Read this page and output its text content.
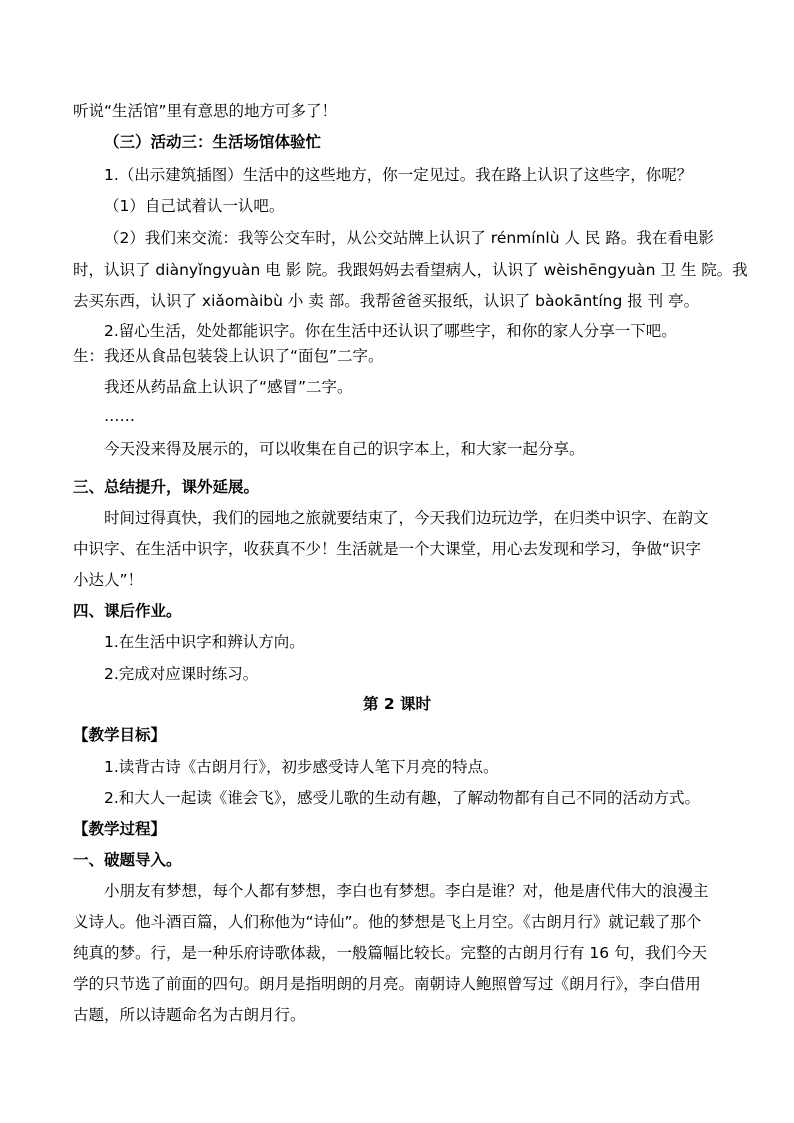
听说“生活馆”里有意思的地方可多了！
（三）活动三：生活场馆体验忙
1.（出示建筑插图）生活中的这些地方，你一定见过。我在路上认识了这些字，你呢？
（1）自己试着认一认吧。
（2）我们来交流：我等公交车时，从公交站牌上认识了 rénmínlù 人 民 路。我在看电影
时，认识了 diànyǐngyuàn 电 影 院。我跟妈妈去看望病人，认识了 wèishēngyuàn 卫 生 院。我
去买东西，认识了 xiǎomàibù 小 卖 部。我帮爸爸买报纸，认识了 bàokāntíng 报 刊 亭。
2.留心生活，处处都能识字。你在生活中还认识了哪些字，和你的家人分享一下吧。
生：我还从食品包装袋上认识了“面包”二字。
我还从药品盒上认识了“感冒”二字。
……
今天没来得及展示的，可以收集在自己的识字本上，和大家一起分享。
三、总结提升，课外延展。
时间过得真快，我们的园地之旅就要结束了，今天我们边玩边学，在归类中识字、在韵文
中识字、在生活中识字，收获真不少！生活就是一个大课堂，用心去发现和学习，争做“识字
小达人”！
四、课后作业。
1.在生活中识字和辨认方向。
2.完成对应课时练习。
第 2 课时
【教学目标】
1.读背古诗《古朗月行》，初步感受诗人笔下月亮的特点。
2.和大人一起读《谁会飞》，感受儿歌的生动有趣，了解动物都有自己不同的活动方式。
【教学过程】
一、破题导入。
小朋友有梦想，每个人都有梦想，李白也有梦想。李白是谁？对，他是唐代伟大的浪漫主
义诗人。他斗酒百篇，人们称他为“诗仙”。他的梦想是飞上月空。《古朗月行》就记载了那个
纯真的梦。行，是一种乐府诗歌体裁，一般篇幅比较长。完整的古朗月行有 16 句，我们今天
学的只节选了前面的四句。朗月是指明朗的月亮。南朝诗人鲍照曾写过《朗月行》，李白借用
古题，所以诗题命名为古朗月行。
